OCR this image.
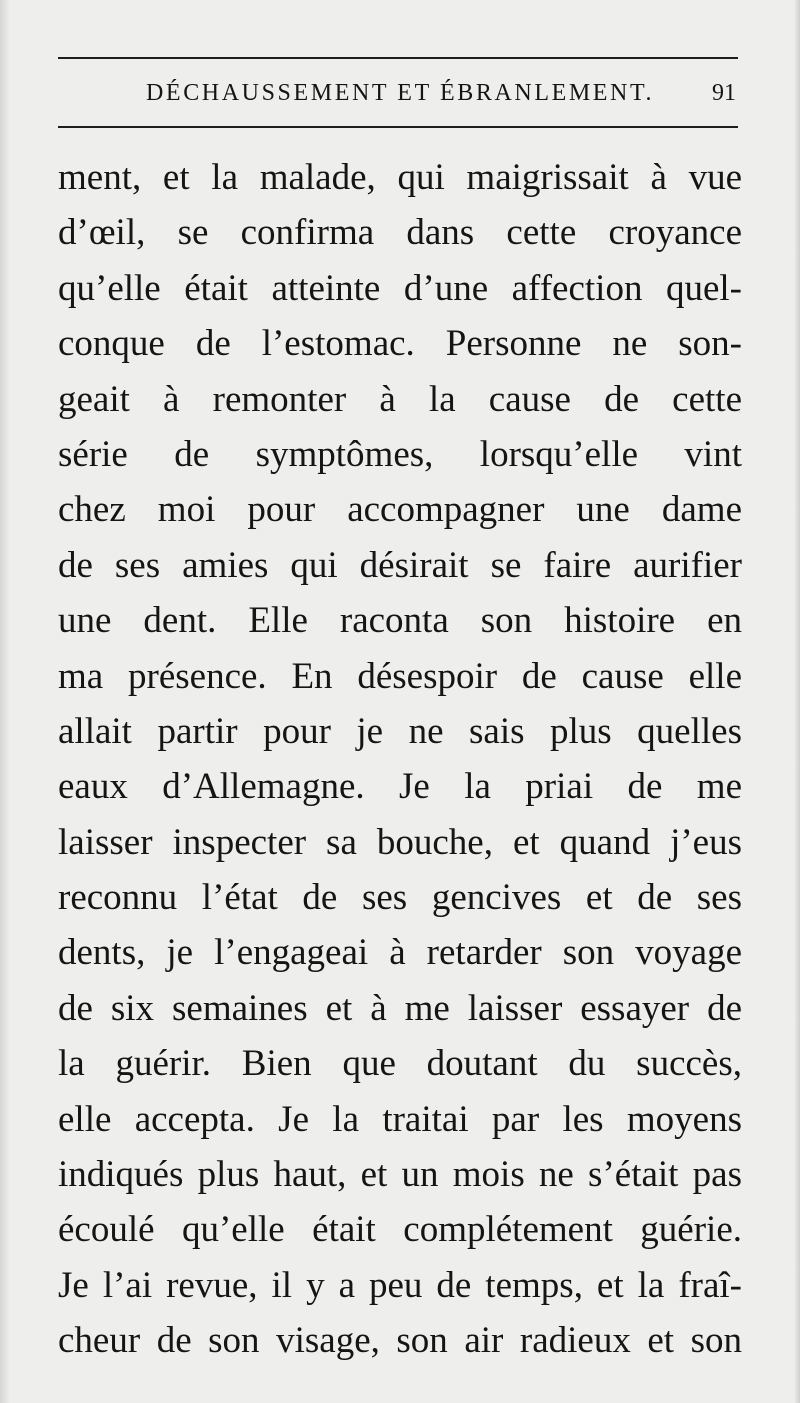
DÉCHAUSSEMENT ET ÉBRANLEMENT. 91
ment, et la malade, qui maigrissait à vue
d’œil, se confirma dans cette croyance
qu’elle était atteinte d’une affection quel-
conque de l’estomac. Personne ne son-
geait à remonter à la cause de cette
série de symptômes, lorsqu’elle vint
chez moi pour accompagner une dame
de ses amies qui désirait se faire aurifier
une dent. Elle raconta son histoire en
ma présence. En désespoir de cause elle
allait partir pour je ne sais plus quelles
eaux d’Allemagne. Je la priai de me
laisser inspecter sa bouche, et quand j’eus
reconnu l’état de ses gencives et de ses
dents, je l’engageai à retarder son voyage
de six semaines et à me laisser essayer de
la guérir. Bien que doutant du succès,
elle accepta. Je la traitai par les moyens
indiqués plus haut, et un mois ne s’était pas
écoulé qu’elle était complétement guérie.
Je l’ai revue, il y a peu de temps, et la fraî-
cheur de son visage, son air radieux et son
